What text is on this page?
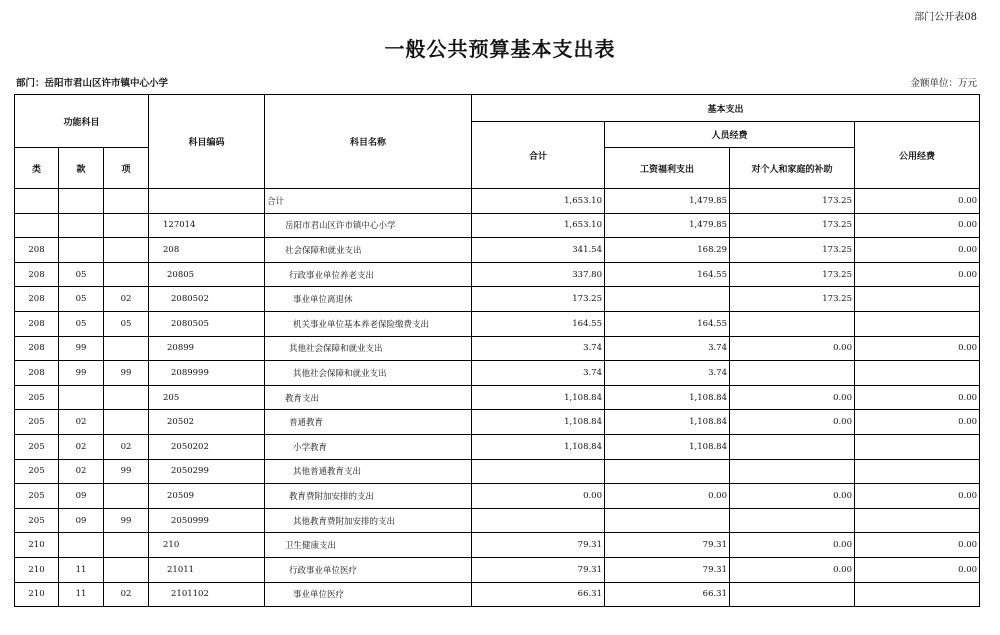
部门公开表08
一般公共预算基本支出表
部门：岳阳市君山区许市镇中心小学	金额单位：万元
功能科目			科目编码	科目名称	基本支出			
					合计	人员经费		公用经费
类	款	项				工资福利支出	对个人和家庭的补助	
				合计	1,653.10	1,479.85	173.25	0.00
			127014	岳阳市君山区许市镇中心小学	1,653.10	1,479.85	173.25	0.00
208			208	社会保障和就业支出	341.54	168.29	173.25	0.00
208	05		20805	行政事业单位养老支出	337.80	164.55	173.25	0.00
208	05	02	2080502	事业单位离退休	173.25		173.25	
208	05	05	2080505	机关事业单位基本养老保险缴费支出	164.55	164.55		
208	99		20899	其他社会保障和就业支出	3.74	3.74	0.00	0.00
208	99	99	2089999	其他社会保障和就业支出	3.74	3.74		
205			205	教育支出	1,108.84	1,108.84	0.00	0.00
205	02		20502	普通教育	1,108.84	1,108.84	0.00	0.00
205	02	02	2050202	小学教育	1,108.84	1,108.84		
205	02	99	2050299	其他普通教育支出				
205	09		20509	教育费附加安排的支出	0.00	0.00	0.00	0.00
205	09	99	2050999	其他教育费附加安排的支出				
210			210	卫生健康支出	79.31	79.31	0.00	0.00
210	11		21011	行政事业单位医疗	79.31	79.31	0.00	0.00
210	11	02	2101102	事业单位医疗	66.31	66.31		
